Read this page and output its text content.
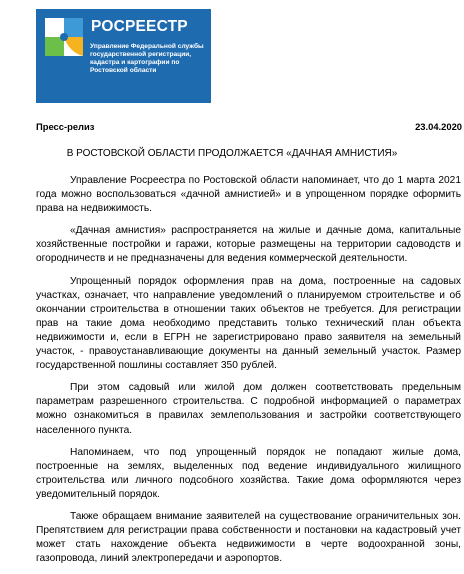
РОСРЕЕСТР
Управление Федеральной службы
государственной регистрации,
кадастра и картографии по
Ростовской области
Пресс-релиз	23.04.2020
В РОСТОВСКОЙ ОБЛАСТИ ПРОДОЛЖАЕТСЯ «ДАЧНАЯ АМНИСТИЯ»

Управление Росреестра по Ростовской области напоминает, что до 1 марта 2021 года можно воспользоваться «дачной амнистией» и в упрощенном порядке оформить права на недвижимость.

«Дачная амнистия» распространяется на жилые и дачные дома, капитальные хозяйственные постройки и гаражи, которые размещены на территории садоводств и огородничеств и не предназначены для ведения коммерческой деятельности.

Упрощенный порядок оформления прав на дома, построенные на садовых участках, означает, что направление уведомлений о планируемом строительстве и об окончании строительства в отношении таких объектов не требуется. Для регистрации прав на такие дома необходимо представить только технический план объекта недвижимости и, если в ЕГРН не зарегистрировано право заявителя на земельный участок, - правоустанавливающие документы на данный земельный участок. Размер государственной пошлины составляет 350 рублей.

При этом садовый или жилой дом должен соответствовать предельным параметрам разрешенного строительства. С подробной информацией о параметрах можно ознакомиться в правилах землепользования и застройки соответствующего населенного пункта.

Напоминаем, что под упрощенный порядок не попадают жилые дома, построенные на землях, выделенных под ведение индивидуального жилищного строительства или личного подсобного хозяйства. Такие дома оформляются через уведомительный порядок.

Также обращаем внимание заявителей на существование ограничительных зон. Препятствием для регистрации права собственности и постановки на кадастровый учет может стать нахождение объекта недвижимости в черте водоохранной зоны, газопровода, линий электропередачи и аэропортов.
